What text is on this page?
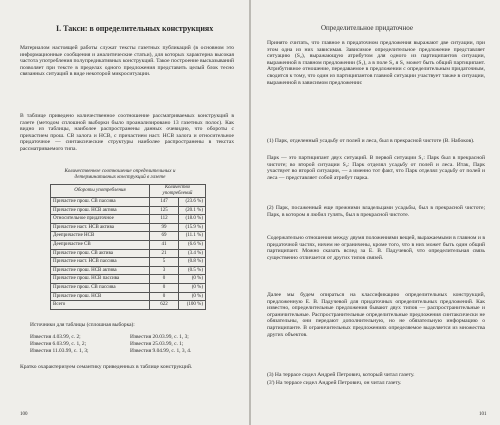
I. Такси: в определительных конструкциях
Материалом настоящей работы служат тексты газетных публикаций (в основном это информационные сообщения и аналитические статьи), для которых характерна высокая частота употребления полупредикативных конструкций. Такое построение высказываний позволяет при тексте в пределах одного предложения представить целый блок тесно связанных ситуаций в виде некоторой микроситуации.
В таблице приведено количественное соотношение рассматриваемых конструкций в газете (методом сплошной выборки было проанализировано 13 газетных полос). Как видно из таблицы, наиболее распространены данных очевидно, что обороты с причастием прош. СВ залога и НСВ, с причастием наст. НСВ залога и относительное придаточное — синтаксические структуры наиболее распространены в текстах рассматриваемого типа.
Количественное соотношение определительных и детерминативных конструкций в газете
Обороты употребления	Количество употреблений	
Причастие прош. СВ пассива	147	(23.6 %)
Причастие прош. НСВ актива	125	(20.1 %)
Относительное придаточное	112	(18.0 %)
Причастие наст. НСВ актива	99	(15.9 %)
Деепричастие НСВ	69	(11.1 %)
Деепричастие СВ	41	(6.6 %)
Причастие прош. СВ актива	21	(3.4 %)
Причастие наст. НСВ пассива	5	(0.8 %)
Причастие прош. НСВ актива	3	(0.5 %)
Причастие прош. НСВ пассива	0	(0 %)
Причастие прош. СВ пассива	0	(0 %)
Причастие прош. НСВ	0	(0 %)
Всего	622	(100 %)
Источники для таблицы (сплошная выборка):
Известия 4.03.99, с. 2;
Известия 6.03.99, с. 1, 2;
Известия 11.03.99, с. 1, 3;
Известия 20.03.99, с. 1, 3;
Известия 25.03.99, с. 1;
Известия 9.04.99, с. 1, 3, 4.
Кратко охарактеризуем семантику приведенных в таблице конструкций.
100
Определительное придаточное
Принято считать, что главное в придаточном предложения выражают две ситуации, при этом одна из них зависимая. Зависимое определительное предложение представляет ситуацию (S₂), выражающую атрибутом для одного из партиципантов ситуации, выраженной в главном предложении (S₁), а в поле S₂ я S₁ может быть общий партиципант. Атрибутивное отношение, передаваемое в предложении с определительным придаточным, сводится к тому, что один из партиципантов главной ситуации участвует также в ситуации, выраженной в зависимом предложении:
(1) Парк, отделенный усадьбу от полей и леса, был в прекрасной чистоте (В. Набоков).
Парк — это партиципант двух ситуаций. В первой ситуации S₁: Парк был в прекрасной чистоте; во второй ситуации S₂: Парк отделял усадьбу от полей и леса. Итак, Парк участвует во второй ситуации, — а именно тот факт, что Парк отделял усадьбу от полей и леса — представляет собой атрибут парка.
(2) Парк, посаженный еще прежними владельцами усадьбы, был в прекрасной чистоте; Парк, в котором я любил гулять, был в прекрасной чистоте.
Содержательно отношения между двумя положениями вещей, выражаемыми в главном и в придаточной частях, ничем не ограничены, кроме того, что в них может быть один общий партиципант. Можно сказать вслед за Е. В. Падучевой, что определительная связь существенно отличается от других типов связей.
Далее мы будем опираться на классификацию определительных конструкций, предложенную Е. В. Падучевой для придаточных определительных предложений. Как известно, определительные предложения бывают двух типов — распространительные и ограничительные. Распространительные определительные предложения синтаксически не обязательны, они передают дополнительную, но не обязательную информацию о партиципанте. В ограничительных предложениях определяемое выделяется из множества других объектов.
(3) На террасе сидел Андрей Петрович, который читал газету.
(3') На террасе сидел Андрей Петрович, он читал газету.
101
